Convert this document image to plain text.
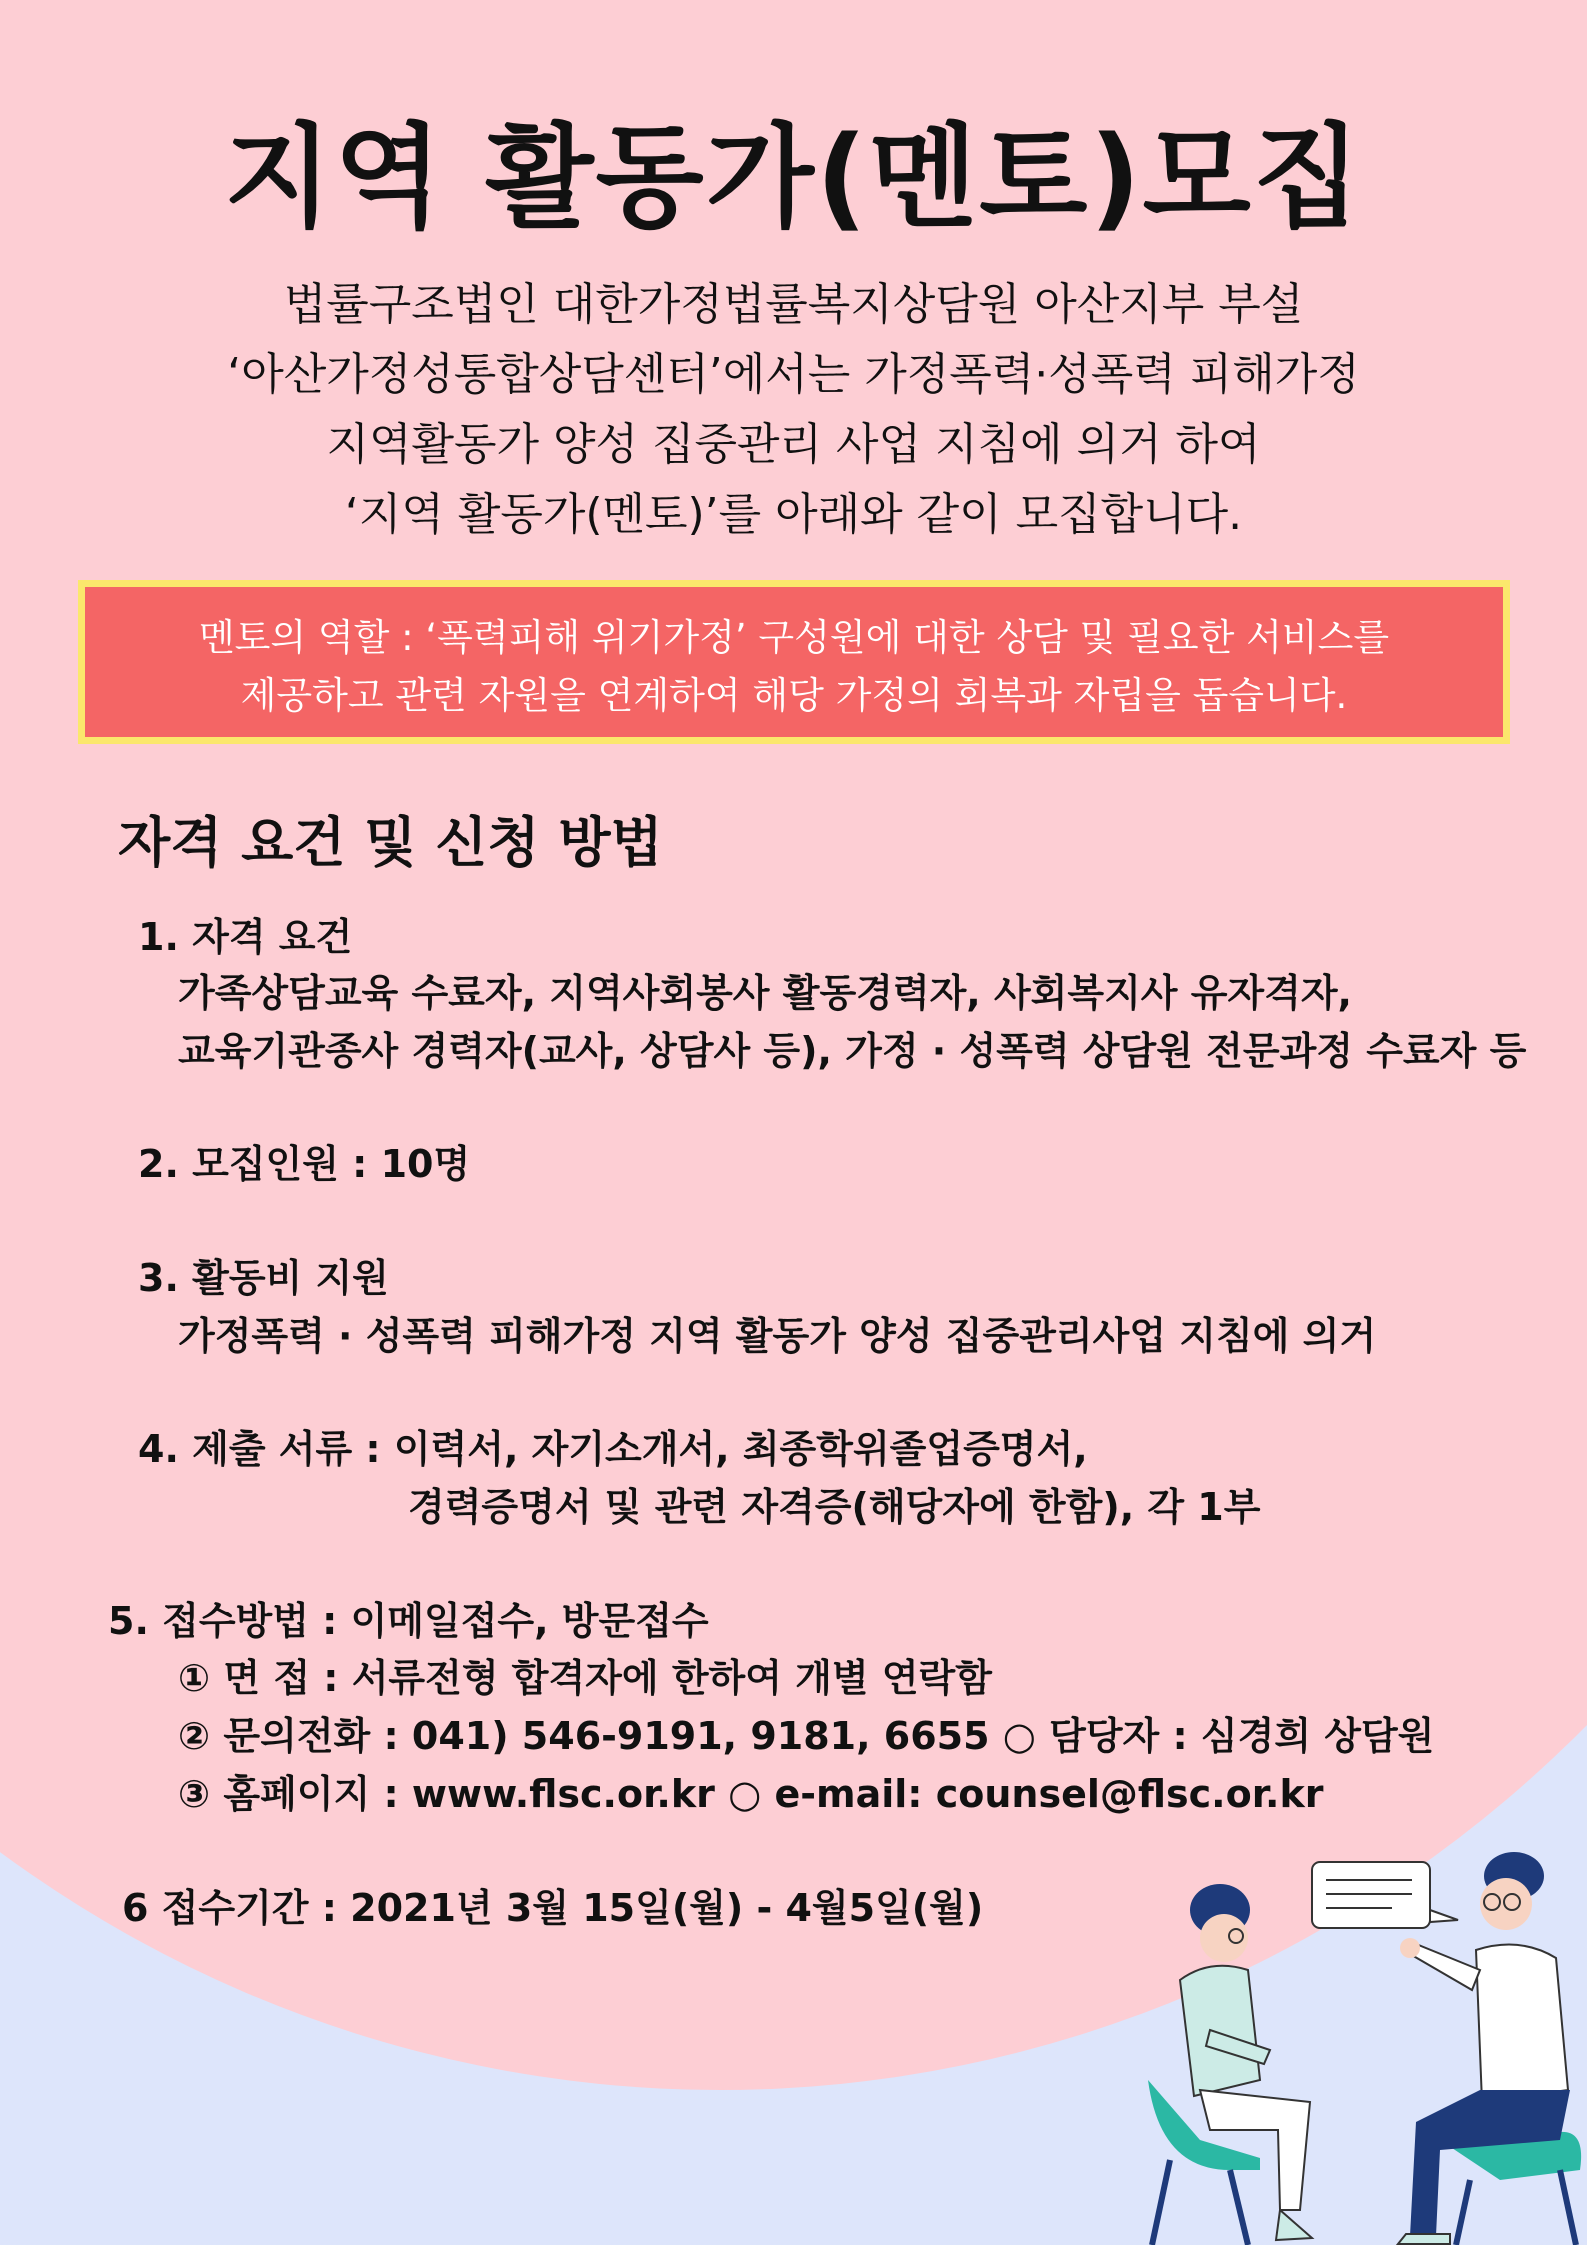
지역 활동가(멘토)모집
법률구조법인 대한가정법률복지상담원 아산지부 부설
‘아산가정성통합상담센터’에서는 가정폭력·성폭력 피해가정
지역활동가 양성 집중관리 사업 지침에 의거 하여
‘지역 활동가(멘토)’를 아래와 같이 모집합니다.
멘토의 역할 : ‘폭력피해 위기가정’ 구성원에 대한 상담 및 필요한 서비스를
제공하고 관련 자원을 연계하여 해당 가정의 회복과 자립을 돕습니다.
자격 요건 및 신청 방법
1. 자격 요건
가족상담교육 수료자, 지역사회봉사 활동경력자, 사회복지사 유자격자,
교육기관종사 경력자(교사, 상담사 등), 가정 · 성폭력 상담원 전문과정 수료자 등
2. 모집인원 : 10명
3. 활동비 지원
가정폭력 · 성폭력 피해가정 지역 활동가 양성 집중관리사업 지침에 의거
4. 제출 서류 : 이력서, 자기소개서, 최종학위졸업증명서,
경력증명서 및 관련 자격증(해당자에 한함), 각 1부
5. 접수방법 : 이메일접수, 방문접수
① 면 접 : 서류전형 합격자에 한하여 개별 연락함
② 문의전화 : 041) 546-9191, 9181, 6655 ○ 담당자 : 심경희 상담원
③ 홈페이지 : www.flsc.or.kr ○ e-mail: counsel@flsc.or.kr
6 접수기간 : 2021년 3월 15일(월) - 4월5일(월)
